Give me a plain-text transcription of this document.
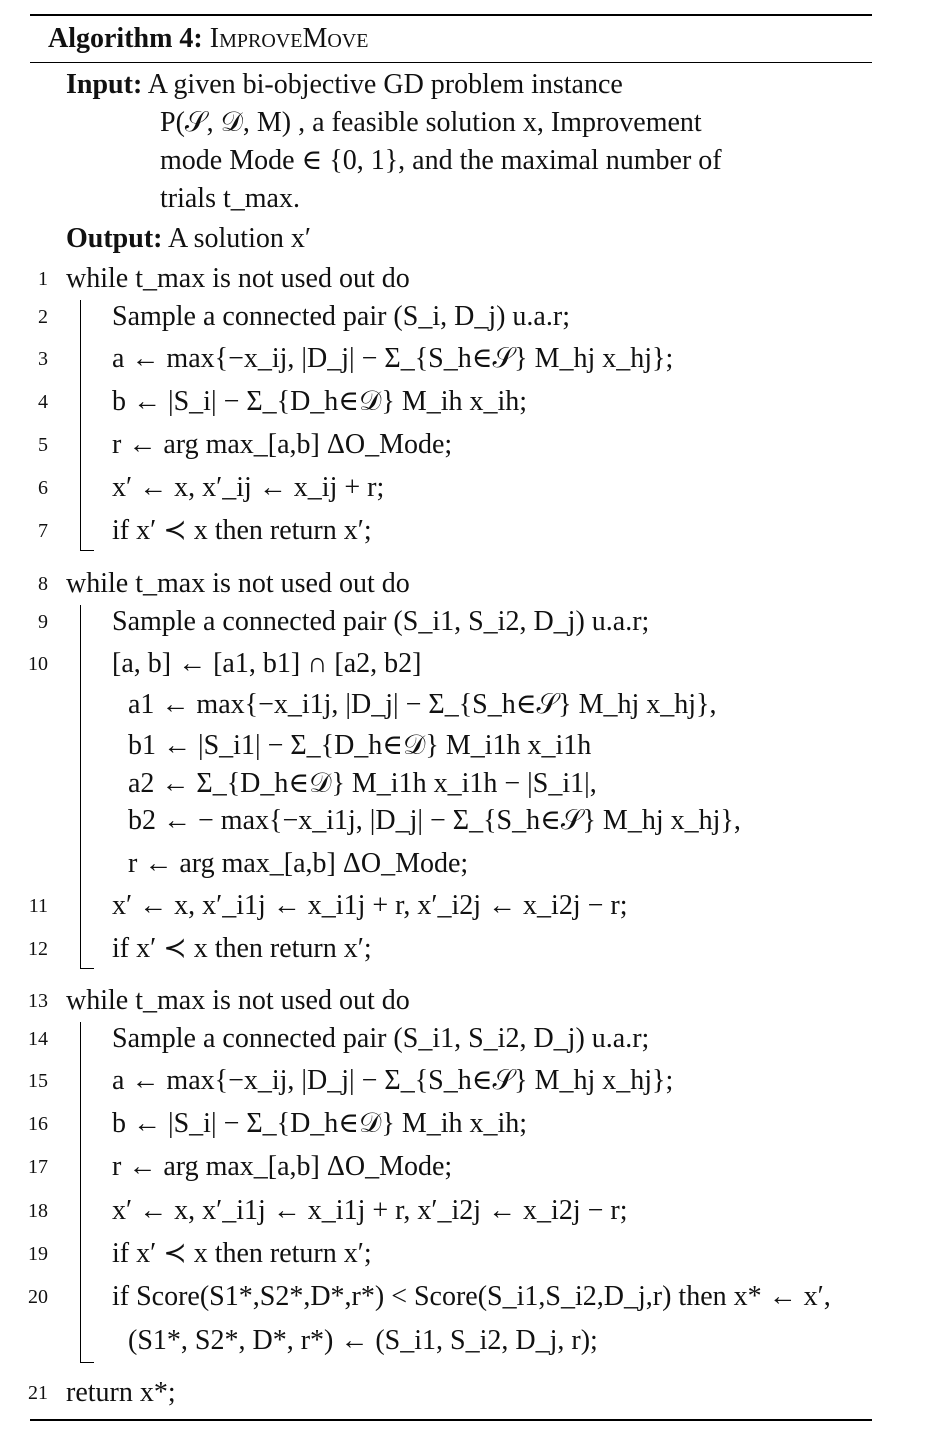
Algorithm 4: ImproveMove
Input: A given bi-objective GD problem instance
P(𝒮, 𝒟, M) , a feasible solution x, Improvement
mode Mode ∈ {0, 1}, and the maximal number of
trials t_max.
Output: A solution x′
1 while t_max is not used out do
2 Sample a connected pair (S_i, D_j) u.a.r;
3 a ← max{−x_ij, |D_j| − Σ_{S_h∈𝒮} M_hj x_hj};
4 b ← |S_i| − Σ_{D_h∈𝒟} M_ih x_ih;
5 r ← arg max_[a,b] ΔO_Mode;
6 x′ ← x, x′_ij ← x_ij + r;
7 if x′ ≺ x then return x′;
8 while t_max is not used out do
9 Sample a connected pair (S_i1, S_i2, D_j) u.a.r;
10 [a, b] ← [a1, b1] ∩ [a2, b2]
a1 ← max{−x_i1j, |D_j| − Σ_{S_h∈𝒮} M_hj x_hj},
b1 ← |S_i1| − Σ_{D_h∈𝒟} M_i1h x_i1h
a2 ← Σ_{D_h∈𝒟} M_i1h x_i1h − |S_i1|,
b2 ← − max{−x_i1j, |D_j| − Σ_{S_h∈𝒮} M_hj x_hj},
r ← arg max_[a,b] ΔO_Mode;
11 x′ ← x, x′_i1j ← x_i1j + r, x′_i2j ← x_i2j − r;
12 if x′ ≺ x then return x′;
13 while t_max is not used out do
14 Sample a connected pair (S_i1, S_i2, D_j) u.a.r;
15 a ← max{−x_ij, |D_j| − Σ_{S_h∈𝒮} M_hj x_hj};
16 b ← |S_i| − Σ_{D_h∈𝒟} M_ih x_ih;
17 r ← arg max_[a,b] ΔO_Mode;
18 x′ ← x, x′_i1j ← x_i1j + r, x′_i2j ← x_i2j − r;
19 if x′ ≺ x then return x′;
20 if Score(S1*,S2*,D*,r*) < Score(S_i1,S_i2,D_j,r) then x* ← x′,
(S1*, S2*, D*, r*) ← (S_i1, S_i2, D_j, r);
21 return x*;
